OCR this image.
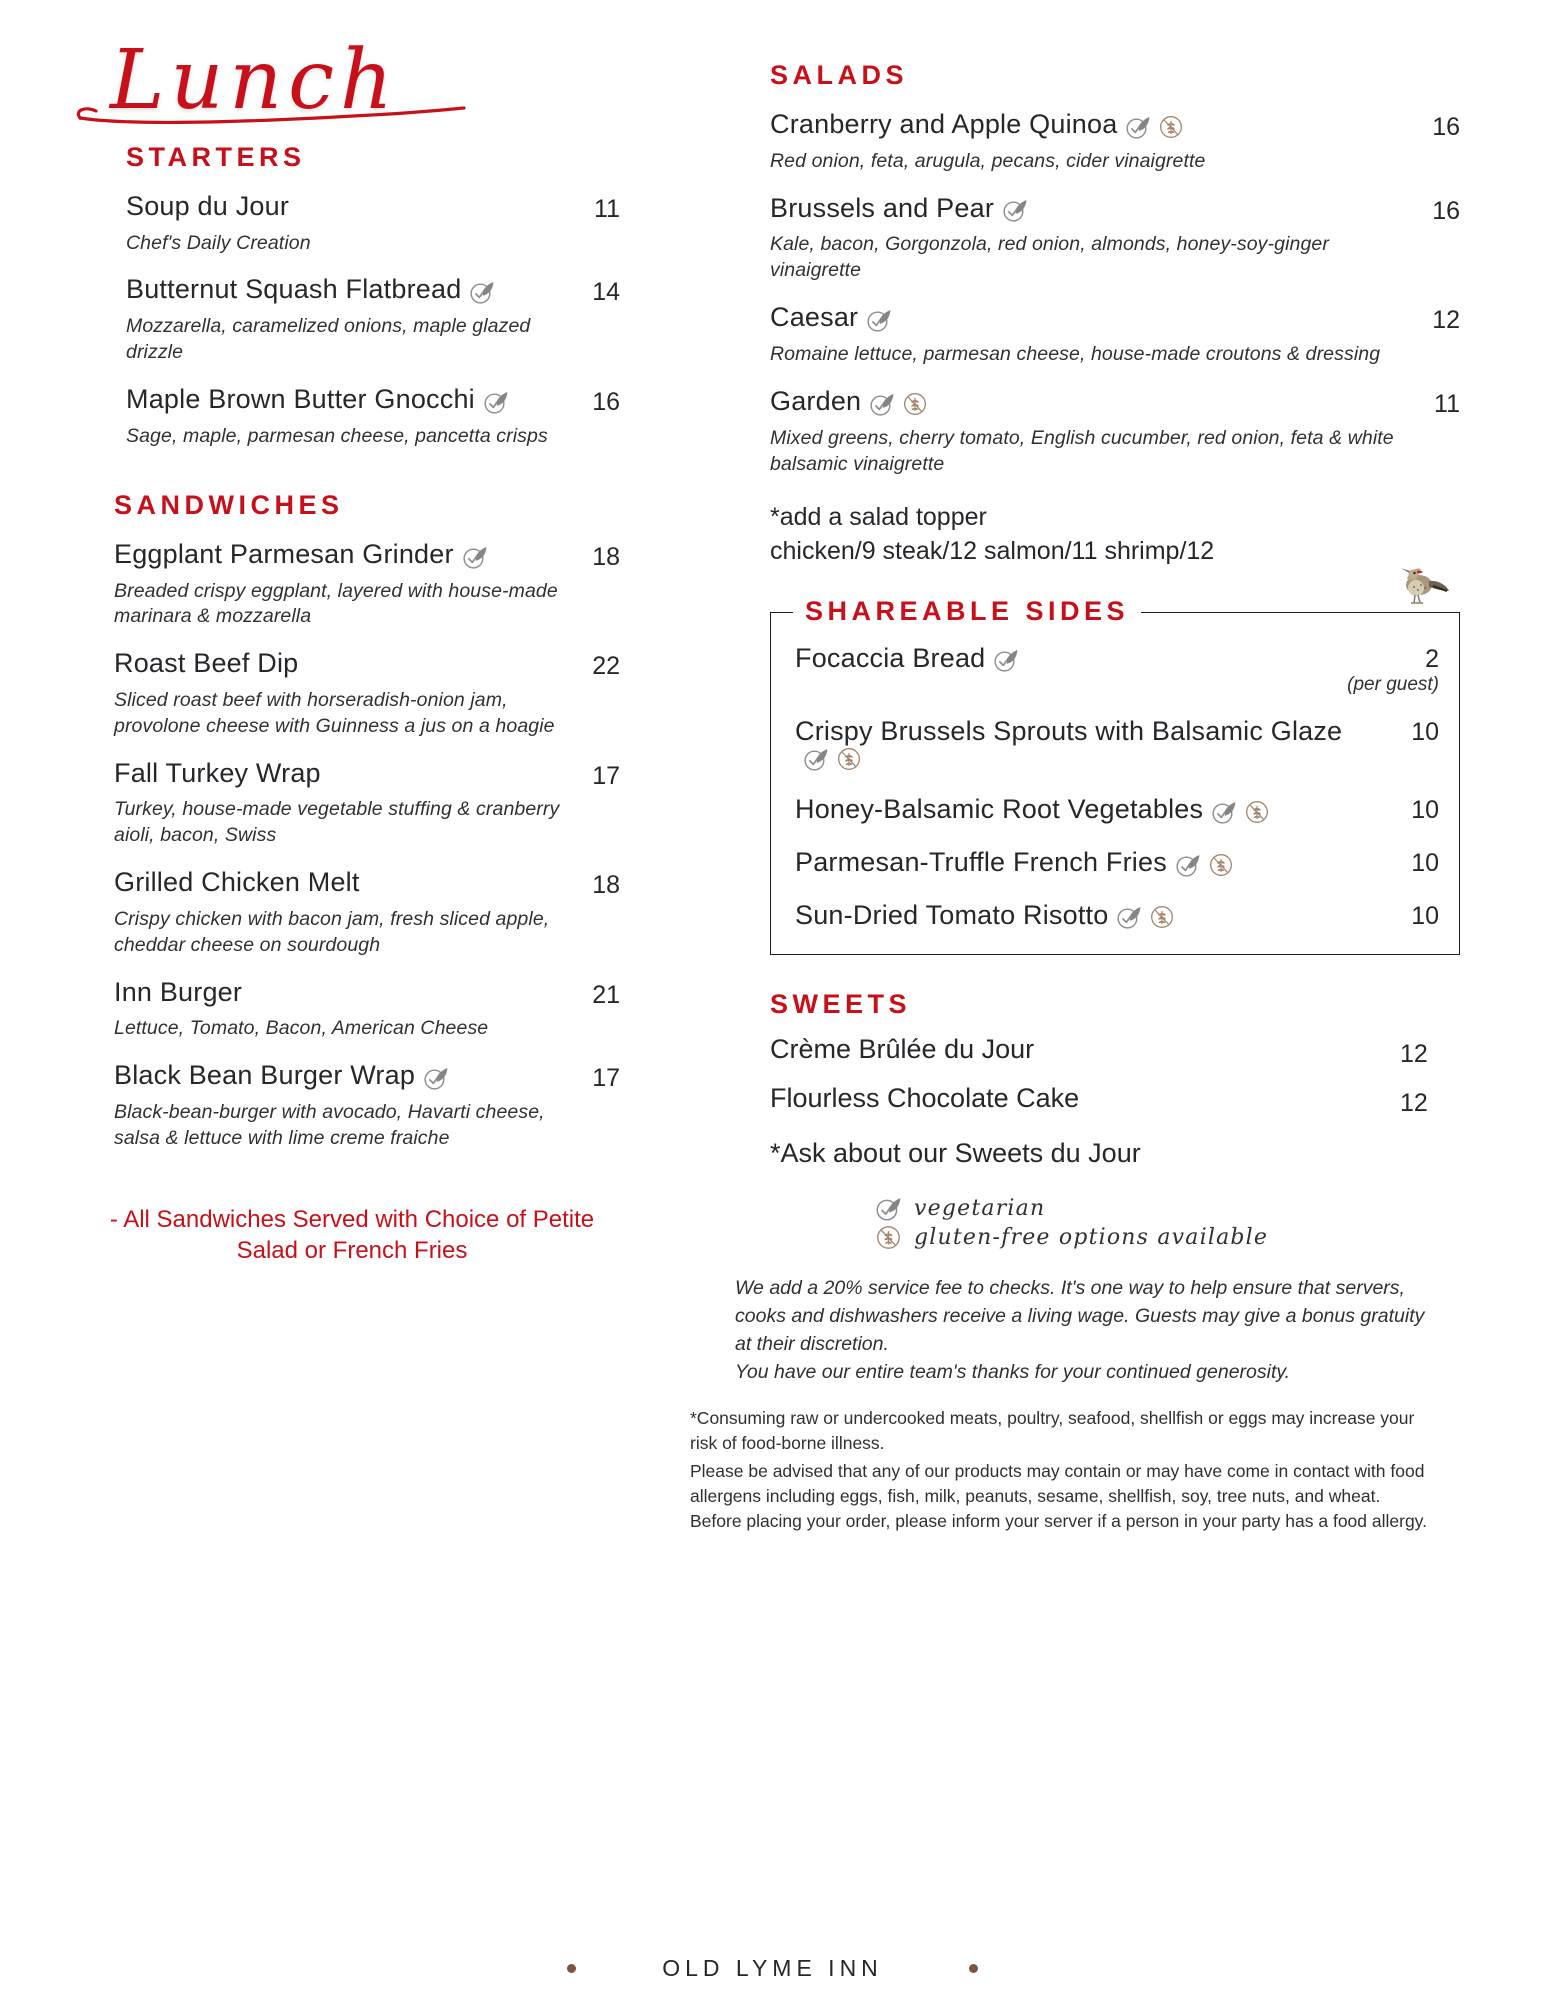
Lunch
STARTERS
Soup du Jour
Chef's Daily Creation
11
Butternut Squash Flatbread
Mozzarella, caramelized onions, maple glazed drizzle
14
Maple Brown Butter Gnocchi
Sage, maple, parmesan cheese, pancetta crisps
16
SANDWICHES
Eggplant Parmesan Grinder
Breaded crispy eggplant, layered with house-made marinara & mozzarella
18
Roast Beef Dip
Sliced roast beef with horseradish-onion jam, provolone cheese with Guinness a jus on a hoagie
22
Fall Turkey Wrap
Turkey, house-made vegetable stuffing & cranberry aioli, bacon, Swiss
17
Grilled Chicken Melt
Crispy chicken with bacon jam, fresh sliced apple, cheddar cheese on sourdough
18
Inn Burger
Lettuce, Tomato, Bacon, American Cheese
21
Black Bean Burger Wrap
Black-bean-burger with avocado, Havarti cheese, salsa & lettuce with lime creme fraiche
17
- All Sandwiches Served with Choice of Petite Salad or French Fries
SALADS
Cranberry and Apple Quinoa
Red onion, feta, arugula, pecans, cider vinaigrette
16
Brussels and Pear
Kale, bacon, Gorgonzola, red onion, almonds, honey-soy-ginger vinaigrette
16
Caesar
Romaine lettuce, parmesan cheese, house-made croutons & dressing
12
Garden
Mixed greens, cherry tomato, English cucumber, red onion, feta & white balsamic vinaigrette
11
*add a salad topper
chicken/9 steak/12 salmon/11 shrimp/12
SHAREABLE SIDES
Focaccia Bread	2
(per guest)
Crispy Brussels Sprouts with Balsamic Glaze	10
Honey-Balsamic Root Vegetables	10
Parmesan-Truffle French Fries	10
Sun-Dried Tomato Risotto	10
SWEETS
Crème Brûlée du Jour	12
Flourless Chocolate Cake	12
*Ask about our Sweets du Jour
vegetarian
gluten-free options available
We add a 20% service fee to checks. It's one way to help ensure that servers, cooks and dishwashers receive a living wage. Guests may give a bonus gratuity at their discretion.
You have our entire team's thanks for your continued generosity.
*Consuming raw or undercooked meats, poultry, seafood, shellfish or eggs may increase your risk of food-borne illness.
Please be advised that any of our products may contain or may have come in contact with food allergens including eggs, fish, milk, peanuts, sesame, shellfish, soy, tree nuts, and wheat. Before placing your order, please inform your server if a person in your party has a food allergy.
OLD LYME INN
